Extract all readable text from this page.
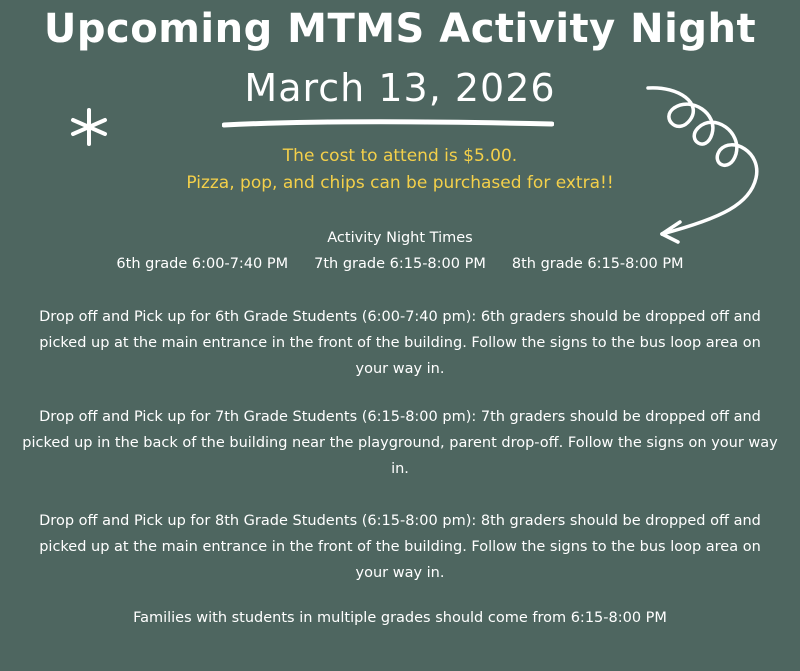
Upcoming MTMS Activity Night
March 13, 2026
The cost to attend is $5.00.
Pizza, pop, and chips can be purchased for extra!!
Activity Night Times
6th grade 6:00-7:40 PM 7th grade 6:15-8:00 PM 8th grade 6:15-8:00 PM
Drop off and Pick up for 6th Grade Students (6:00-7:40 pm): 6th graders should be dropped off and picked up at the main entrance in the front of the building. Follow the signs to the bus loop area on your way in.
Drop off and Pick up for 7th Grade Students (6:15-8:00 pm): 7th graders should be dropped off and picked up in the back of the building near the playground, parent drop-off. Follow the signs on your way in.
Drop off and Pick up for 8th Grade Students (6:15-8:00 pm): 8th graders should be dropped off and picked up at the main entrance in the front of the building. Follow the signs to the bus loop area on your way in.
Families with students in multiple grades should come from 6:15-8:00 PM
